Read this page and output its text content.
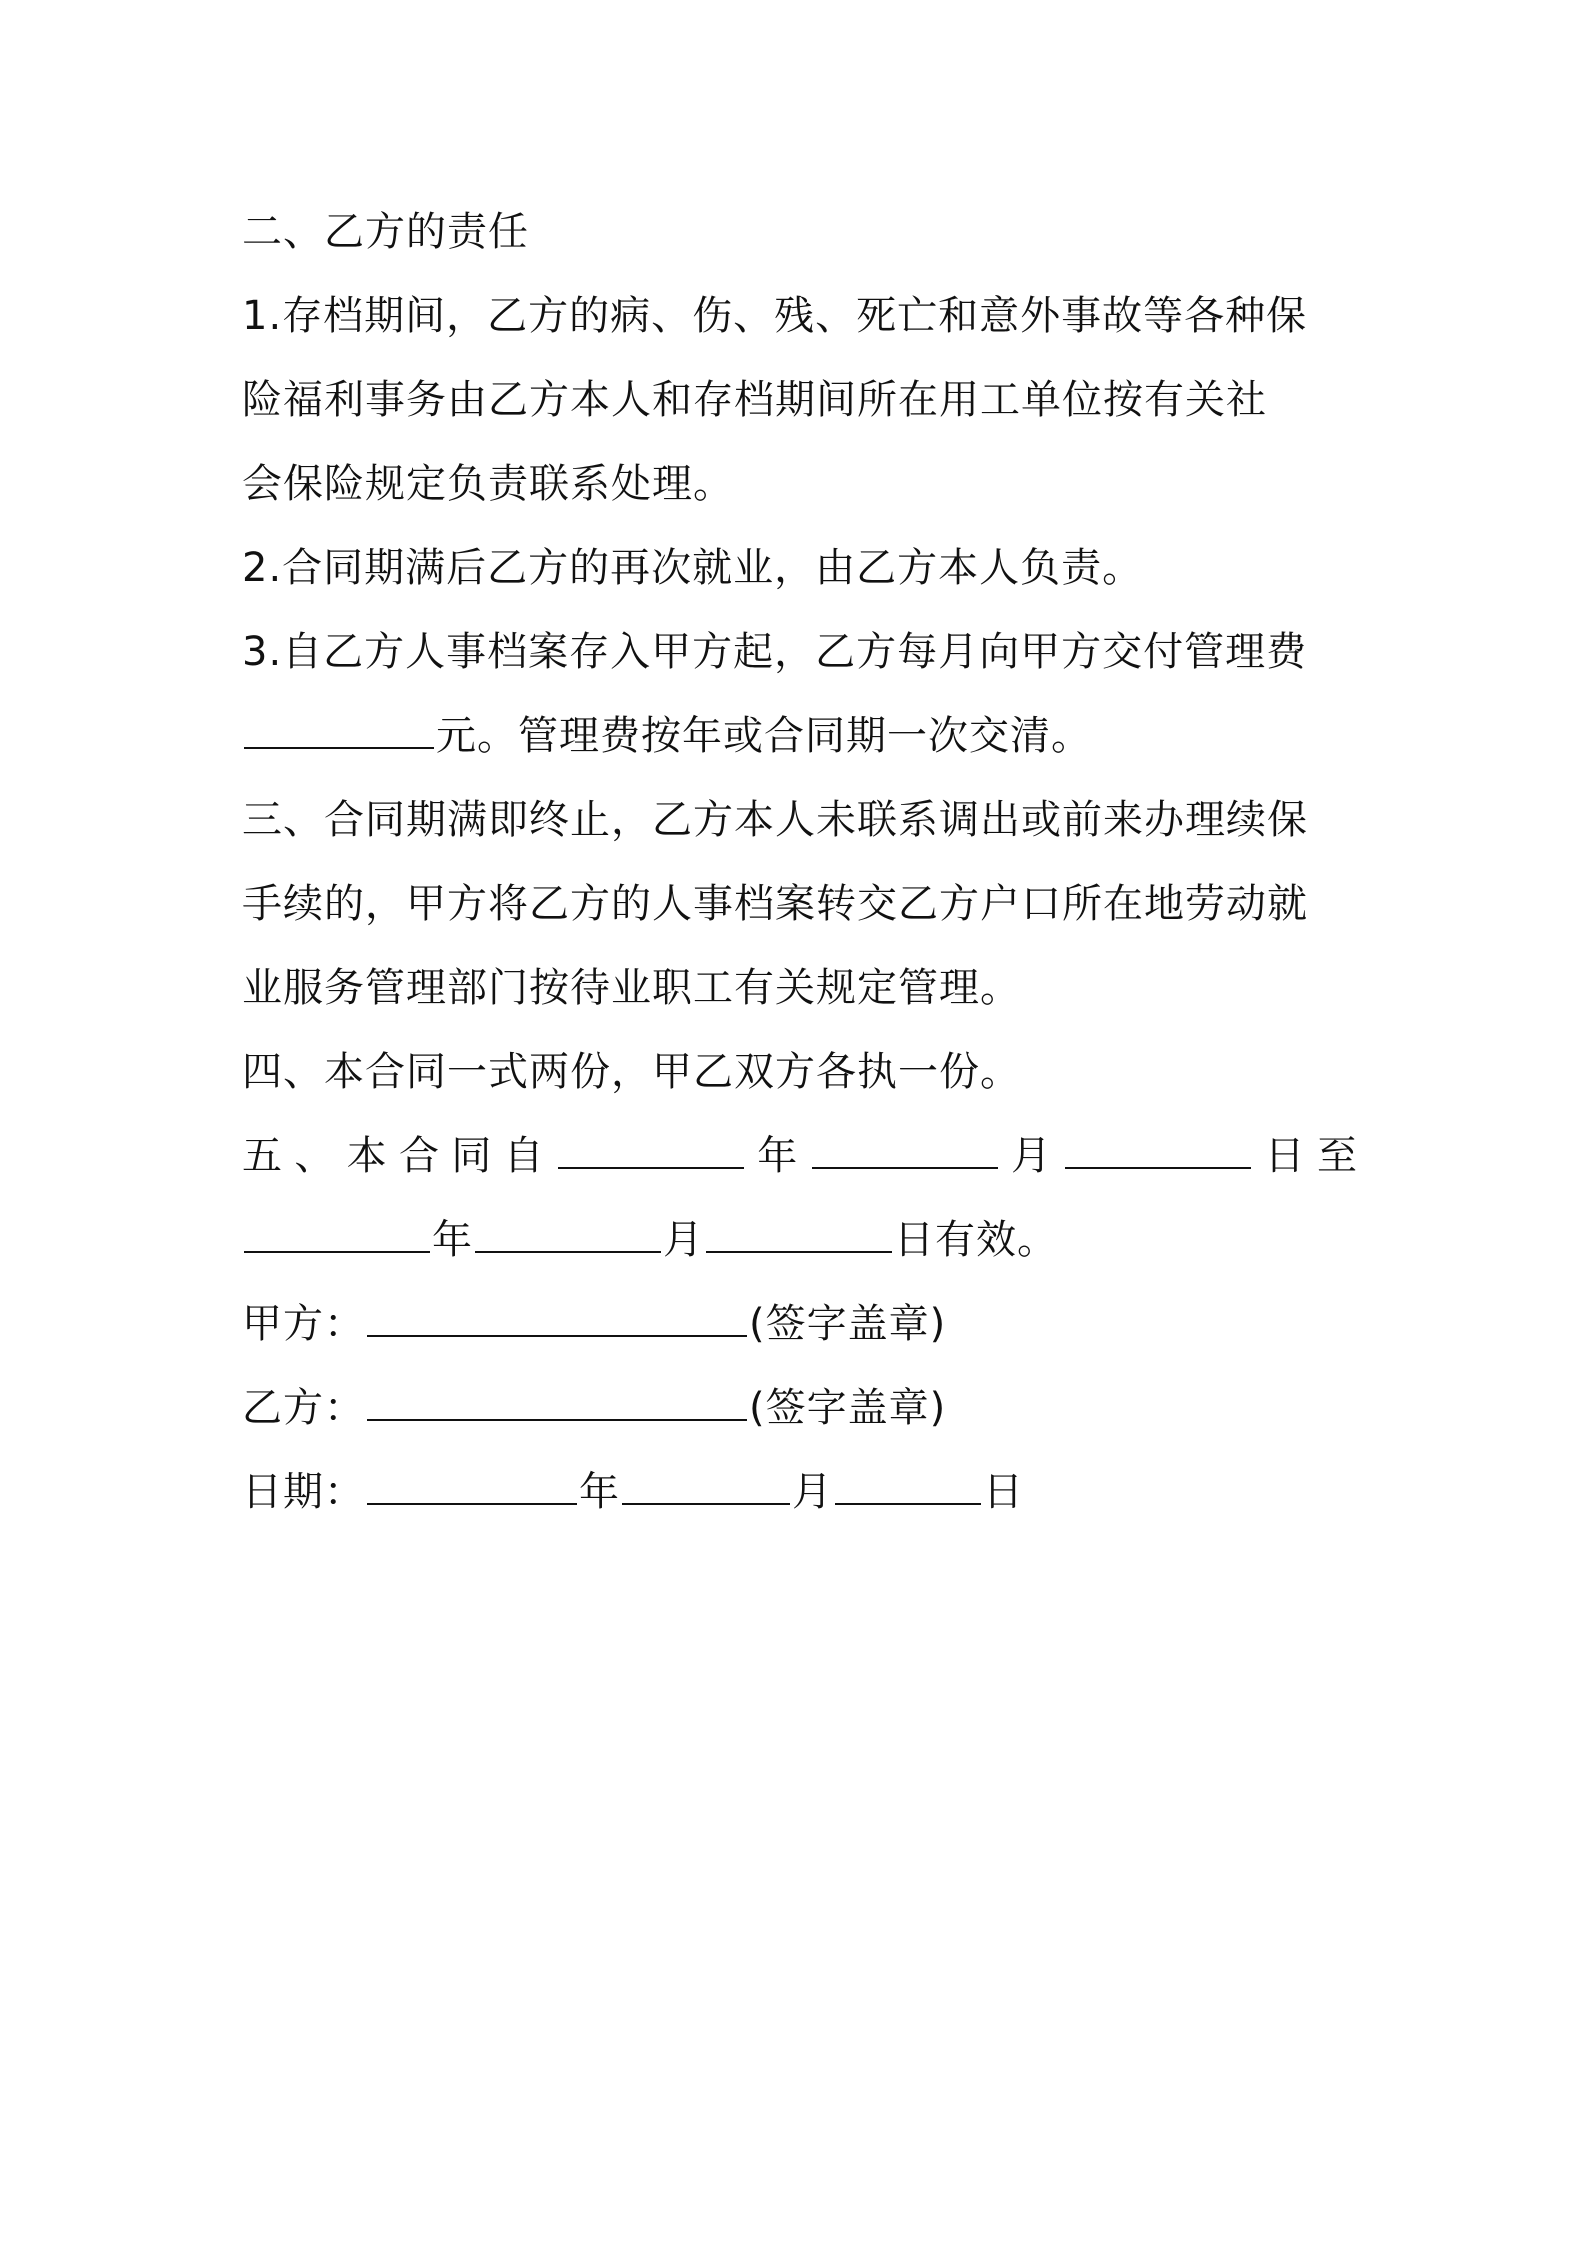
二、乙方的责任

1.存档期间，乙方的病、伤、残、死亡和意外事故等各种保

险福利事务由乙方本人和存档期间所在用工单位按有关社

会保险规定负责联系处理。

2.合同期满后乙方的再次就业，由乙方本人负责。

3.自乙方人事档案存入甲方起，乙方每月向甲方交付管理费

元。管理费按年或合同期一次交清。

三、合同期满即终止，乙方本人未联系调出或前来办理续保

手续的，甲方将乙方的人事档案转交乙方户口所在地劳动就

业服务管理部门按待业职工有关规定管理。

四、本合同一式两份，甲乙双方各执一份。

五 、 本 合 同 自	年	月	日 至

年	月	日有效。

甲方：	(签字盖章)
乙方：	(签字盖章)
日期：	年	月	日
